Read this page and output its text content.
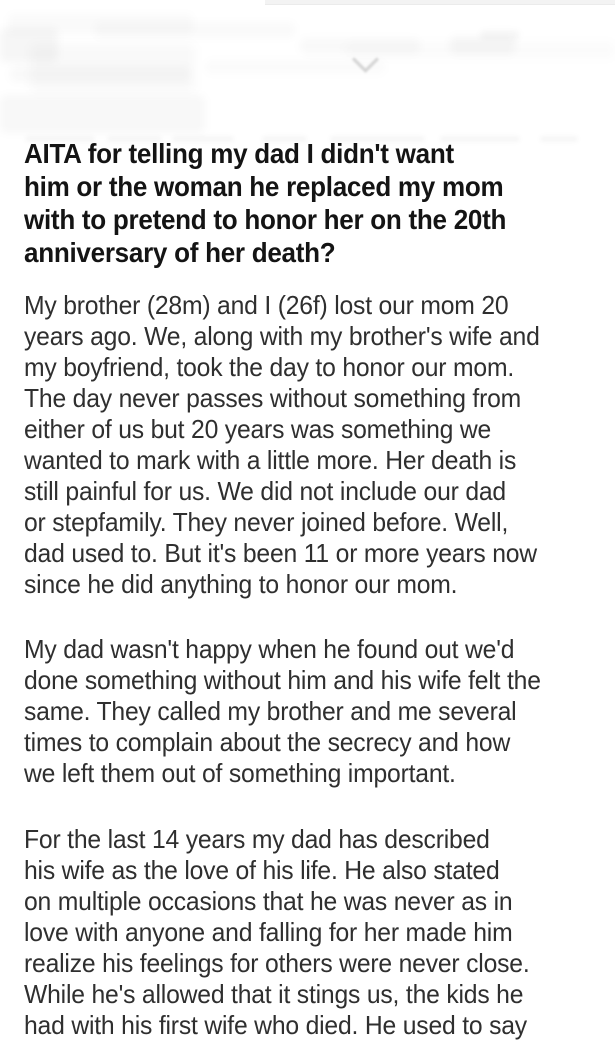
AITA for telling my dad I didn't want
him or the woman he replaced my mom
with to pretend to honor her on the 20th
anniversary of her death?
My brother (28m) and I (26f) lost our mom 20
years ago. We, along with my brother's wife and
my boyfriend, took the day to honor our mom.
The day never passes without something from
either of us but 20 years was something we
wanted to mark with a little more. Her death is
still painful for us. We did not include our dad
or stepfamily. They never joined before. Well,
dad used to. But it's been 11 or more years now
since he did anything to honor our mom.
My dad wasn't happy when he found out we'd
done something without him and his wife felt the
same. They called my brother and me several
times to complain about the secrecy and how
we left them out of something important.
For the last 14 years my dad has described
his wife as the love of his life. He also stated
on multiple occasions that he was never as in
love with anyone and falling for her made him
realize his feelings for others were never close.
While he's allowed that it stings us, the kids he
had with his first wife who died. He used to say
